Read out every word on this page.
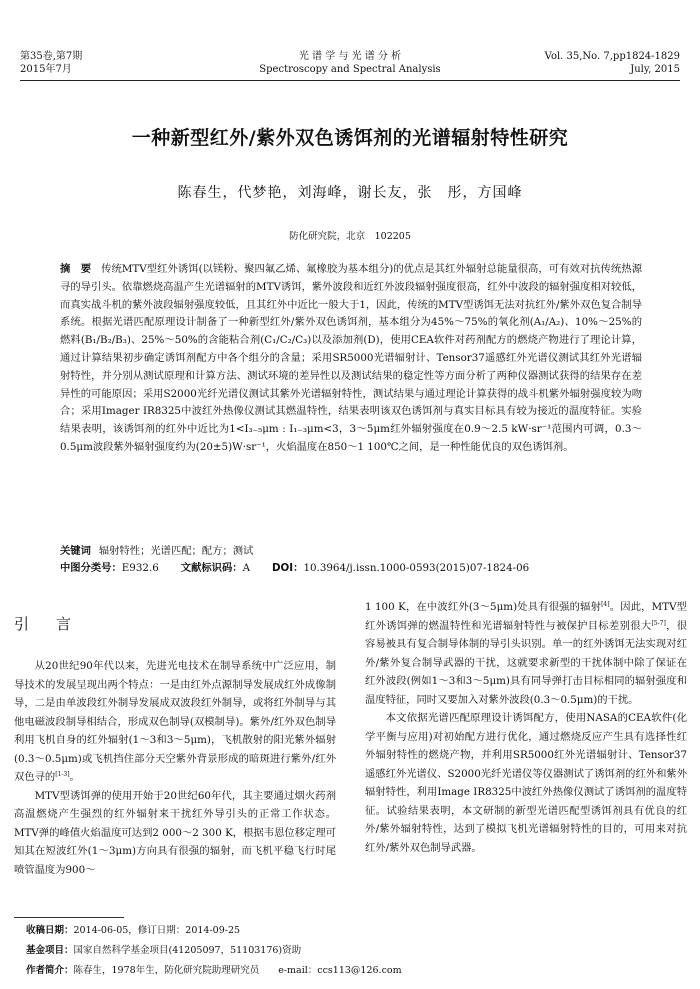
第35卷,第7期
2015年7月
光 谱 学 与 光 谱 分 析
Spectroscopy and Spectral Analysis
Vol. 35,No. 7,pp1824-1829
July, 2015
一种新型红外/紫外双色诱饵剂的光谱辐射特性研究
陈春生，代梦艳，刘海峰，谢长友，张　彤，方国峰
防化研究院，北京　102205
摘　要 传统MTV型红外诱饵(以镁粉、聚四氟乙烯、氟橡胶为基本组分)的优点是其红外辐射总能量很高，可有效对抗传统热源寻的导引头。依靠燃烧高温产生光谱辐射的MTV诱饵，紫外波段和近红外波段辐射强度很高，红外中波段的辐射强度相对较低，而真实战斗机的紫外波段辐射强度较低，且其红外中近比一般大于1，因此，传统的MTV型诱饵无法对抗红外/紫外双色复合制导系统。根据光谱匹配原理设计制备了一种新型红外/紫外双色诱饵剂，基本组分为45%～75%的氧化剂(A₁/A₂)、10%～25%的燃料(B₁/B₂/B₃)、25%～50%的含能粘合剂(C₁/C₂/C₃)以及添加剂(D)，使用CEA软件对药剂配方的燃烧产物进行了理论计算，通过计算结果初步确定诱饵剂配方中各个组分的含量；采用SR5000光谱辐射计、Tensor37遥感红外光谱仪测试其红外光谱辐射特性，并分别从测试原理和计算方法、测试环境的差异性以及测试结果的稳定性等方面分析了两种仪器测试获得的结果存在差异性的可能原因；采用S2000光纤光谱仪测试其紫外光谱辐射特性，测试结果与通过理论计算获得的战斗机紫外辐射强度较为吻合；采用Imager IR8325中波红外热像仪测试其燃温特性，结果表明该双色诱饵剂与真实目标具有较为接近的温度特征。实验结果表明，该诱饵剂的红外中近比为1<I₃₋₅μm : I₁₋₃μm<3，3～5μm红外辐射强度在0.9～2.5 kW·sr⁻¹范围内可调，0.3～0.5μm波段紫外辐射强度约为(20±5)W·sr⁻¹，火焰温度在850～1 100℃之间，是一种性能优良的双色诱饵剂。
关键词 辐射特性；光谱匹配；配方；测试
中图分类号：E932.6 文献标识码：A DOI：10.3964/j.issn.1000-0593(2015)07-1824-06
引　言

从20世纪90年代以来，先进光电技术在制导系统中广泛应用，制导技术的发展呈现出两个特点：一是由红外点源制导发展成红外成像制导，二是由单波段红外制导发展成双波段红外制导，或将红外制导与其他电磁波段制导相结合，形成双色制导(双模制导)。紫外/红外双色制导利用飞机自身的红外辐射(1～3和3～5μm)，飞机散射的阳光紫外辐射(0.3～0.5μm)或飞机挡住部分天空紫外背景形成的暗斑进行紫外/红外双色寻的[1-3]。

MTV型诱饵弹的使用开始于20世纪60年代，其主要通过烟火药剂高温燃烧产生强烈的红外辐射来干扰红外导引头的正常工作状态。MTV弹的峰值火焰温度可达到2 000～2 300 K，根据韦恩位移定理可知其在短波红外(1～3μm)方向具有很强的辐射，而飞机平稳飞行时尾喷管温度为900～

1 100 K，在中波红外(3～5μm)处具有很强的辐射[4]。因此，MTV型红外诱饵弹的燃温特性和光谱辐射特性与被保护目标差别很大[5-7]，很容易被具有复合制导体制的导引头识别。单一的红外诱饵无法实现对红外/紫外复合制导武器的干扰，这就要求新型的干扰体制中除了保证在红外波段(例如1～3和3～5μm)具有同导弹打击目标相同的辐射强度和温度特征，同时又要加入对紫外波段(0.3～0.5μm)的干扰。

本文依据光谱匹配原理设计诱饵配方，使用NASA的CEA软件(化学平衡与应用)对初始配方进行优化，通过燃烧反应产生具有选择性红外辐射特性的燃烧产物，并利用SR5000红外光谱辐射计、Tensor37遥感红外光谱仪、S2000光纤光谱仪等仪器测试了诱饵剂的红外和紫外辐射特性，利用Image IR8325中波红外热像仪测试了诱饵剂的温度特征。试验结果表明，本文研制的新型光谱匹配型诱饵剂具有优良的红外/紫外辐射特性，达到了模拟飞机光谱辐射特性的目的，可用来对抗红外/紫外双色制导武器。

收稿日期：2014-06-05，修订日期：2014-09-25
基金项目：国家自然科学基金项目(41205097，51103176)资助
作者简介：陈春生，1978年生，防化研究院助理研究员　　e-mail：ccs113@126.com
